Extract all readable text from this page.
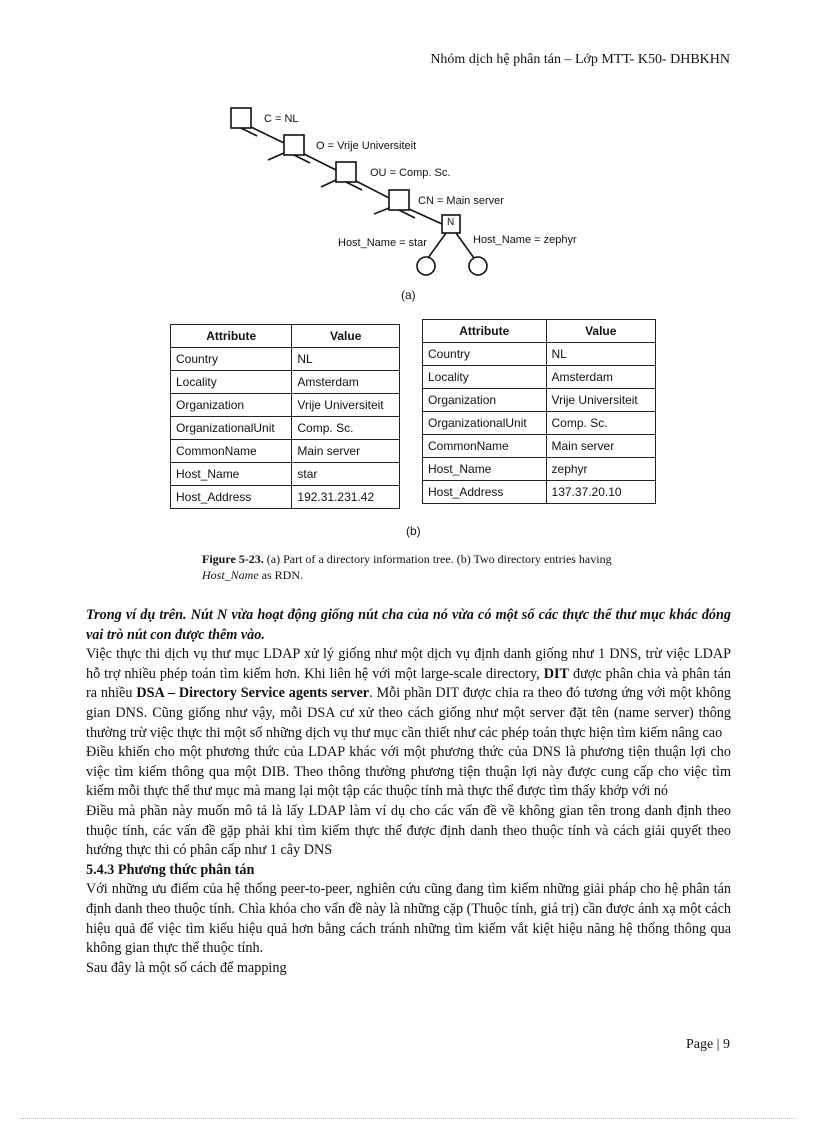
Nhóm dịch hệ phân tán – Lớp MTT- K50- DHBKHN
C = NL
O = Vrije Universiteit
OU = Comp. Sc.
CN = Main server
N
Host_Name = star	Host_Name = zephyr
(a)
Attribute	Value
Country	NL
Locality	Amsterdam
Organization	Vrije Universiteit
OrganizationalUnit	Comp. Sc.
CommonName	Main server
Host_Name	star
Host_Address	192.31.231.42
Attribute	Value
Country	NL
Locality	Amsterdam
Organization	Vrije Universiteit
OrganizationalUnit	Comp. Sc.
CommonName	Main server
Host_Name	zephyr
Host_Address	137.37.20.10
(b)
Figure 5-23. (a) Part of a directory information tree. (b) Two directory entries having Host_Name as RDN.

Trong ví dụ trên. Nút N vừa hoạt động giống nút cha của nó vừa có một số các thực thể thư mục khác đóng vai trò nút con được thêm vào.

Việc thực thi dịch vụ thư mục LDAP xử lý giống như một dịch vụ định danh giống như 1 DNS, trừ việc LDAP hỗ trợ nhiều phép toán tìm kiếm hơn. Khi liên hệ với một large-scale directory, DIT được phân chia và phân tán ra nhiều DSA – Directory Service agents server. Mỗi phần DIT được chia ra theo đó tương ứng với một không gian DNS. Cũng giống như vậy, mỗi DSA cư xử theo cách giống như một server đặt tên (name server) thông thường trừ việc thực thi một số những dịch vụ thư mục cần thiết như các phép toán thực hiện tìm kiếm nâng cao

Điều khiến cho một phương thức của LDAP khác với một phương thức của DNS là phương tiện thuận lợi cho việc tìm kiếm thông qua một DIB. Theo thông thường phương tiện thuận lợi này được cung cấp cho việc tìm kiếm mỗi thực thể thư mục mà mang lại một tập các thuộc tính mà thực thể được tìm thấy khớp với nó

Điều mà phần này muốn mô tả là lấy LDAP làm ví dụ cho các vấn đề về không gian tên trong danh định theo thuộc tính, các vấn đề gặp phải khi tìm kiếm thực thể được định danh theo thuộc tính và cách giải quyết theo hướng thực thi có phân cấp như 1 cây DNS

5.4.3 Phương thức phân tán

Với những ưu điểm của hệ thống peer-to-peer, nghiên cứu cũng đang tìm kiếm những giải pháp cho hệ phân tán định danh theo thuộc tính. Chìa khóa cho vấn đề này là những cặp (Thuộc tính, giá trị) cần được ánh xạ một cách hiệu quả để việc tìm kiếu hiệu quả hơn bằng cách tránh những tìm kiếm vắt kiệt hiệu năng hệ thống thông qua không gian thực thể thuộc tính.

Sau đây là một số cách để mapping

Page | 9
